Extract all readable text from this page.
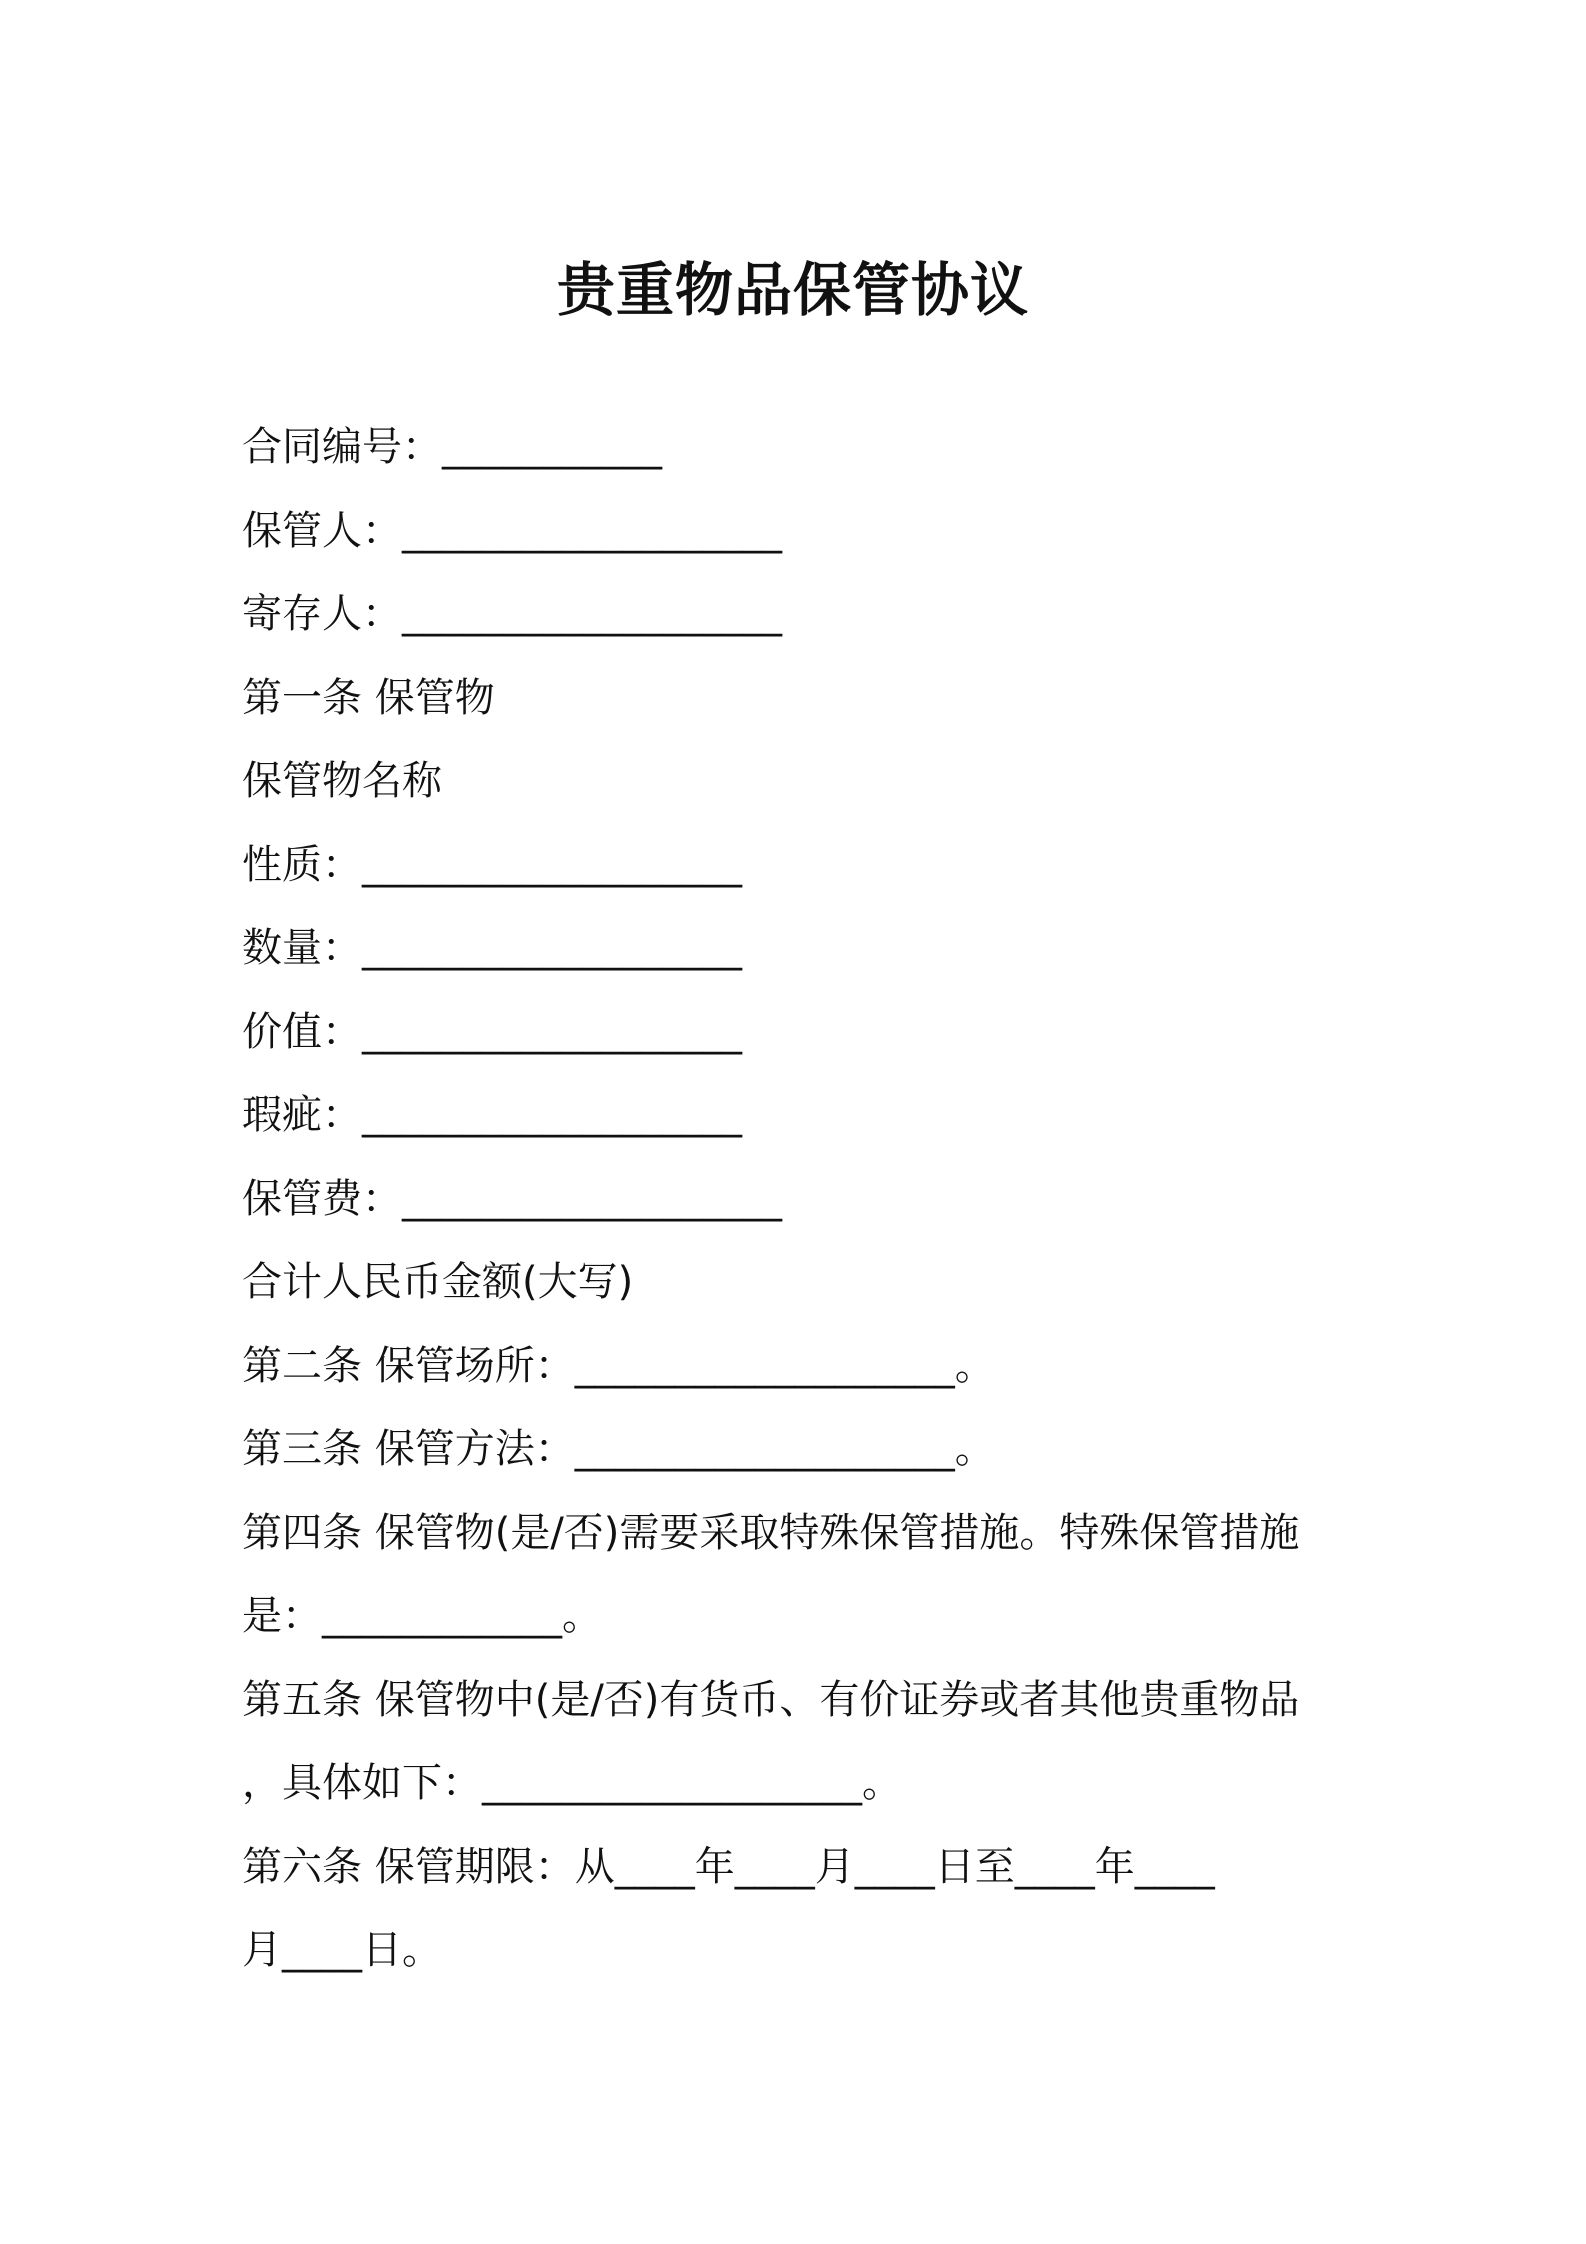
贵重物品保管协议

合同编号：___________

保管人：___________________

寄存人：___________________

第一条 保管物

保管物名称

性质：___________________

数量：___________________

价值：___________________

瑕疵：___________________

保管费：___________________

合计人民币金额(大写)

第二条 保管场所：___________________。

第三条 保管方法：___________________。

第四条 保管物(是/否)需要采取特殊保管措施。特殊保管措施

是：____________。

第五条 保管物中(是/否)有货币、有价证券或者其他贵重物品

，具体如下：___________________。

第六条 保管期限：从____年____月____日至____年____

月____日。
